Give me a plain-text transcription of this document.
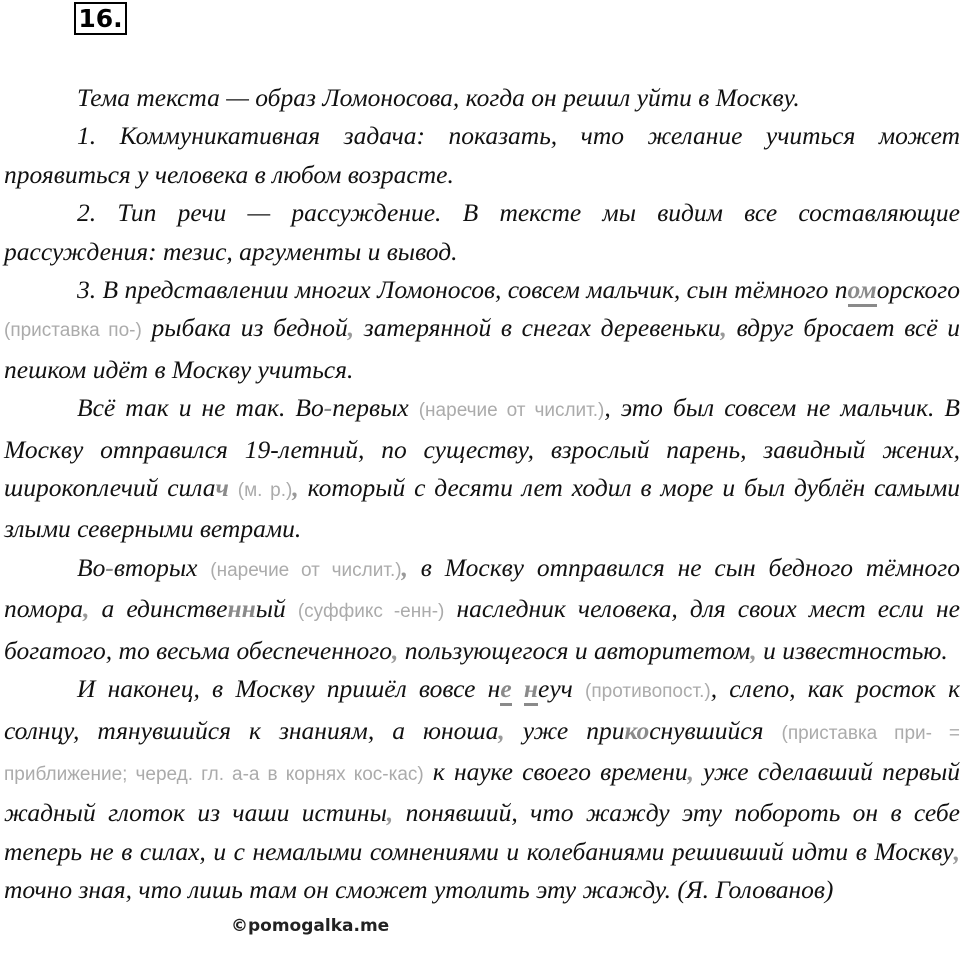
16.

Тема текста — образ Ломоносова, когда он решил уйти в Москву.

1. Коммуникативная задача: показать, что желание учиться может проявиться у человека в любом возрасте.

2. Тип речи — рассуждение. В тексте мы видим все составляющие рассуждения: тезис, аргументы и вывод.

3. В представлении многих Ломоносов, совсем мальчик, сын тёмного поморского (приставка по-) рыбака из бедной, затерянной в снегах деревеньки, вдруг бросает всё и пешком идёт в Москву учиться.

Всё так и не так. Во-первых (наречие от числит.), это был совсем не мальчик. В Москву отправился 19-летний, по существу, взрослый парень, завидный жених, широкоплечий силач (м. р.), который с десяти лет ходил в море и был дублён самыми злыми северными ветрами.

Во-вторых (наречие от числит.), в Москву отправился не сын бедного тёмного помора, а единственный (суффикс -енн-) наследник человека, для своих мест если не богатого, то весьма обеспеченного, пользующегося и авторитетом, и известностью.

И наконец, в Москву пришёл вовсе не неуч (противопост.), слепо, как росток к солнцу, тянувшийся к знаниям, а юноша, уже прикоснувшийся (приставка при- = приближение; черед. гл. а-а в корнях кос-кас) к науке своего времени, уже сделавший первый жадный глоток из чаши истины, понявший, что жажду эту побороть он в себе теперь не в силах, и с немалыми сомнениями и колебаниями решивший идти в Москву, точно зная, что лишь там он сможет утолить эту жажду. (Я. Голованов)

©pomogalka.me
